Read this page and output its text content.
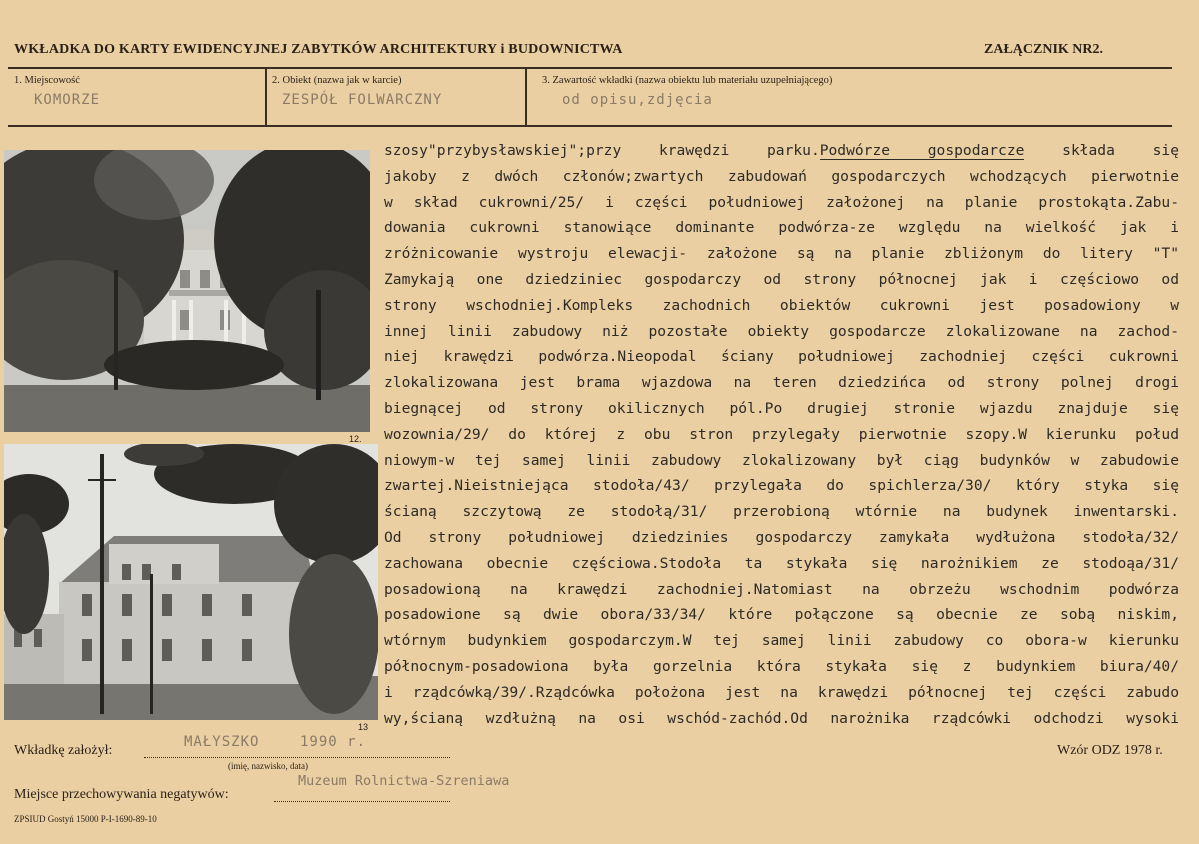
WKŁADKA DO KARTY EWIDENCYJNEJ ZABYTKÓW ARCHITEKTURY i BUDOWNICTWA	ZAŁĄCZNIK NR2.
1. Miejscowość
KOMORZE
2. Obiekt (nazwa jak w karcie)
ZESPÓŁ FOLWARCZNY
3. Zawartość wkładki (nazwa obiektu lub materiału uzupełniającego)
od opisu,zdjęcia
12.
13
szosy"przybysławskiej";przy krawędzi parku.Podwórze gospodarcze składa się
jakoby z dwóch członów;zwartych zabudowań gospodarczych wchodzących pierwotnie
w skład cukrowni/25/ i części południowej założonej na planie prostokąta.Zabu-
dowania cukrowni stanowiące dominante podwórza-ze względu na wielkość jak i
zróżnicowanie wystroju elewacji- założone są na planie zbliżonym do litery "T"
Zamykają one dziedziniec gospodarczy od strony północnej jak i częściowo od
strony wschodniej.Kompleks zachodnich obiektów cukrowni jest posadowiony w
innej linii zabudowy niż pozostałe obiekty gospodarcze zlokalizowane na zachod-
niej krawędzi podwórza.Nieopodal ściany południowej zachodniej części cukrowni
zlokalizowana jest brama wjazdowa na teren dziedzińca od strony polnej drogi
biegnącej od strony okilicznych pól.Po drugiej stronie wjazdu znajduje się
wozownia/29/ do której z obu stron przylegały pierwotnie szopy.W kierunku połud
niowym-w tej samej linii zabudowy zlokalizowany był ciąg budynków w zabudowie
zwartej.Nieistniejąca stodoła/43/ przylegała do spichlerza/30/ który styka się
ścianą szczytową ze stodołą/31/ przerobioną wtórnie na budynek inwentarski.
Od strony południowej dziedzinies gospodarczy zamykała wydłużona stodoła/32/
zachowana obecnie częściowa.Stodoła ta stykała się narożnikiem ze stodoąa/31/
posadowioną na krawędzi zachodniej.Natomiast na obrzeżu wschodnim podwórza
posadowione są dwie obora/33/34/ które połączone są obecnie ze sobą niskim,
wtórnym budynkiem gospodarczym.W tej samej linii zabudowy co obora-w kierunku
północnym-posadowiona była gorzelnia która stykała się z budynkiem biura/40/
i rządcówką/39/.Rządcówka położona jest na krawędzi północnej tej części zabudo
wy,ścianą wzdłużną na osi wschód-zachód.Od narożnika rządcówki odchodzi wysoki
Wkładkę założył:
MAŁYSZKO	1990 r.
(imię, nazwisko, data)
Wzór ODZ 1978 r.
Miejsce przechowywania negatywów:
Muzeum Rolnictwa-Szreniawa
ZPSIUD Gostyń 15000 P-I-1690-89-10
